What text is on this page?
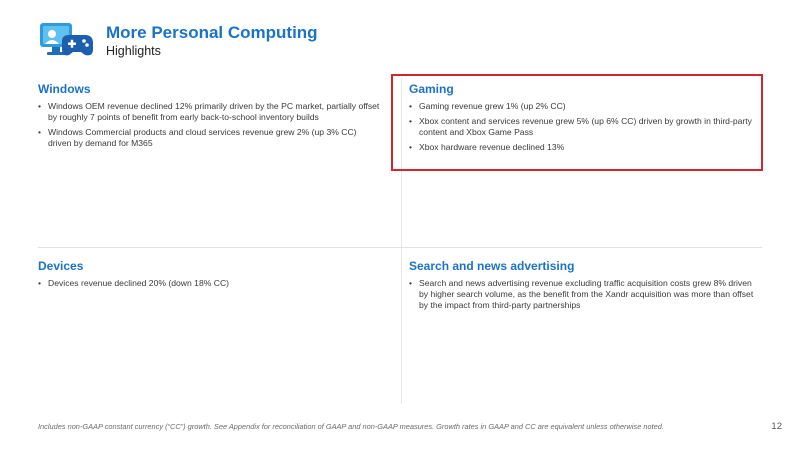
More Personal Computing
Highlights
Windows
• Windows OEM revenue declined 12% primarily driven by the PC market, partially offset by roughly 7 points of benefit from early back-to-school inventory builds
• Windows Commercial products and cloud services revenue grew 2% (up 3% CC) driven by demand for M365
Gaming
• Gaming revenue grew 1% (up 2% CC)
• Xbox content and services revenue grew 5% (up 6% CC) driven by growth in third-party content and Xbox Game Pass
• Xbox hardware revenue declined 13%
Devices
• Devices revenue declined 20% (down 18% CC)
Search and news advertising
• Search and news advertising revenue excluding traffic acquisition costs grew 8% driven by higher search volume, as the benefit from the Xandr acquisition was more than offset by the impact from third-party partnerships
Includes non-GAAP constant currency (“CC”) growth. See Appendix for reconciliation of GAAP and non-GAAP measures. Growth rates in GAAP and CC are equivalent unless otherwise noted.	12
